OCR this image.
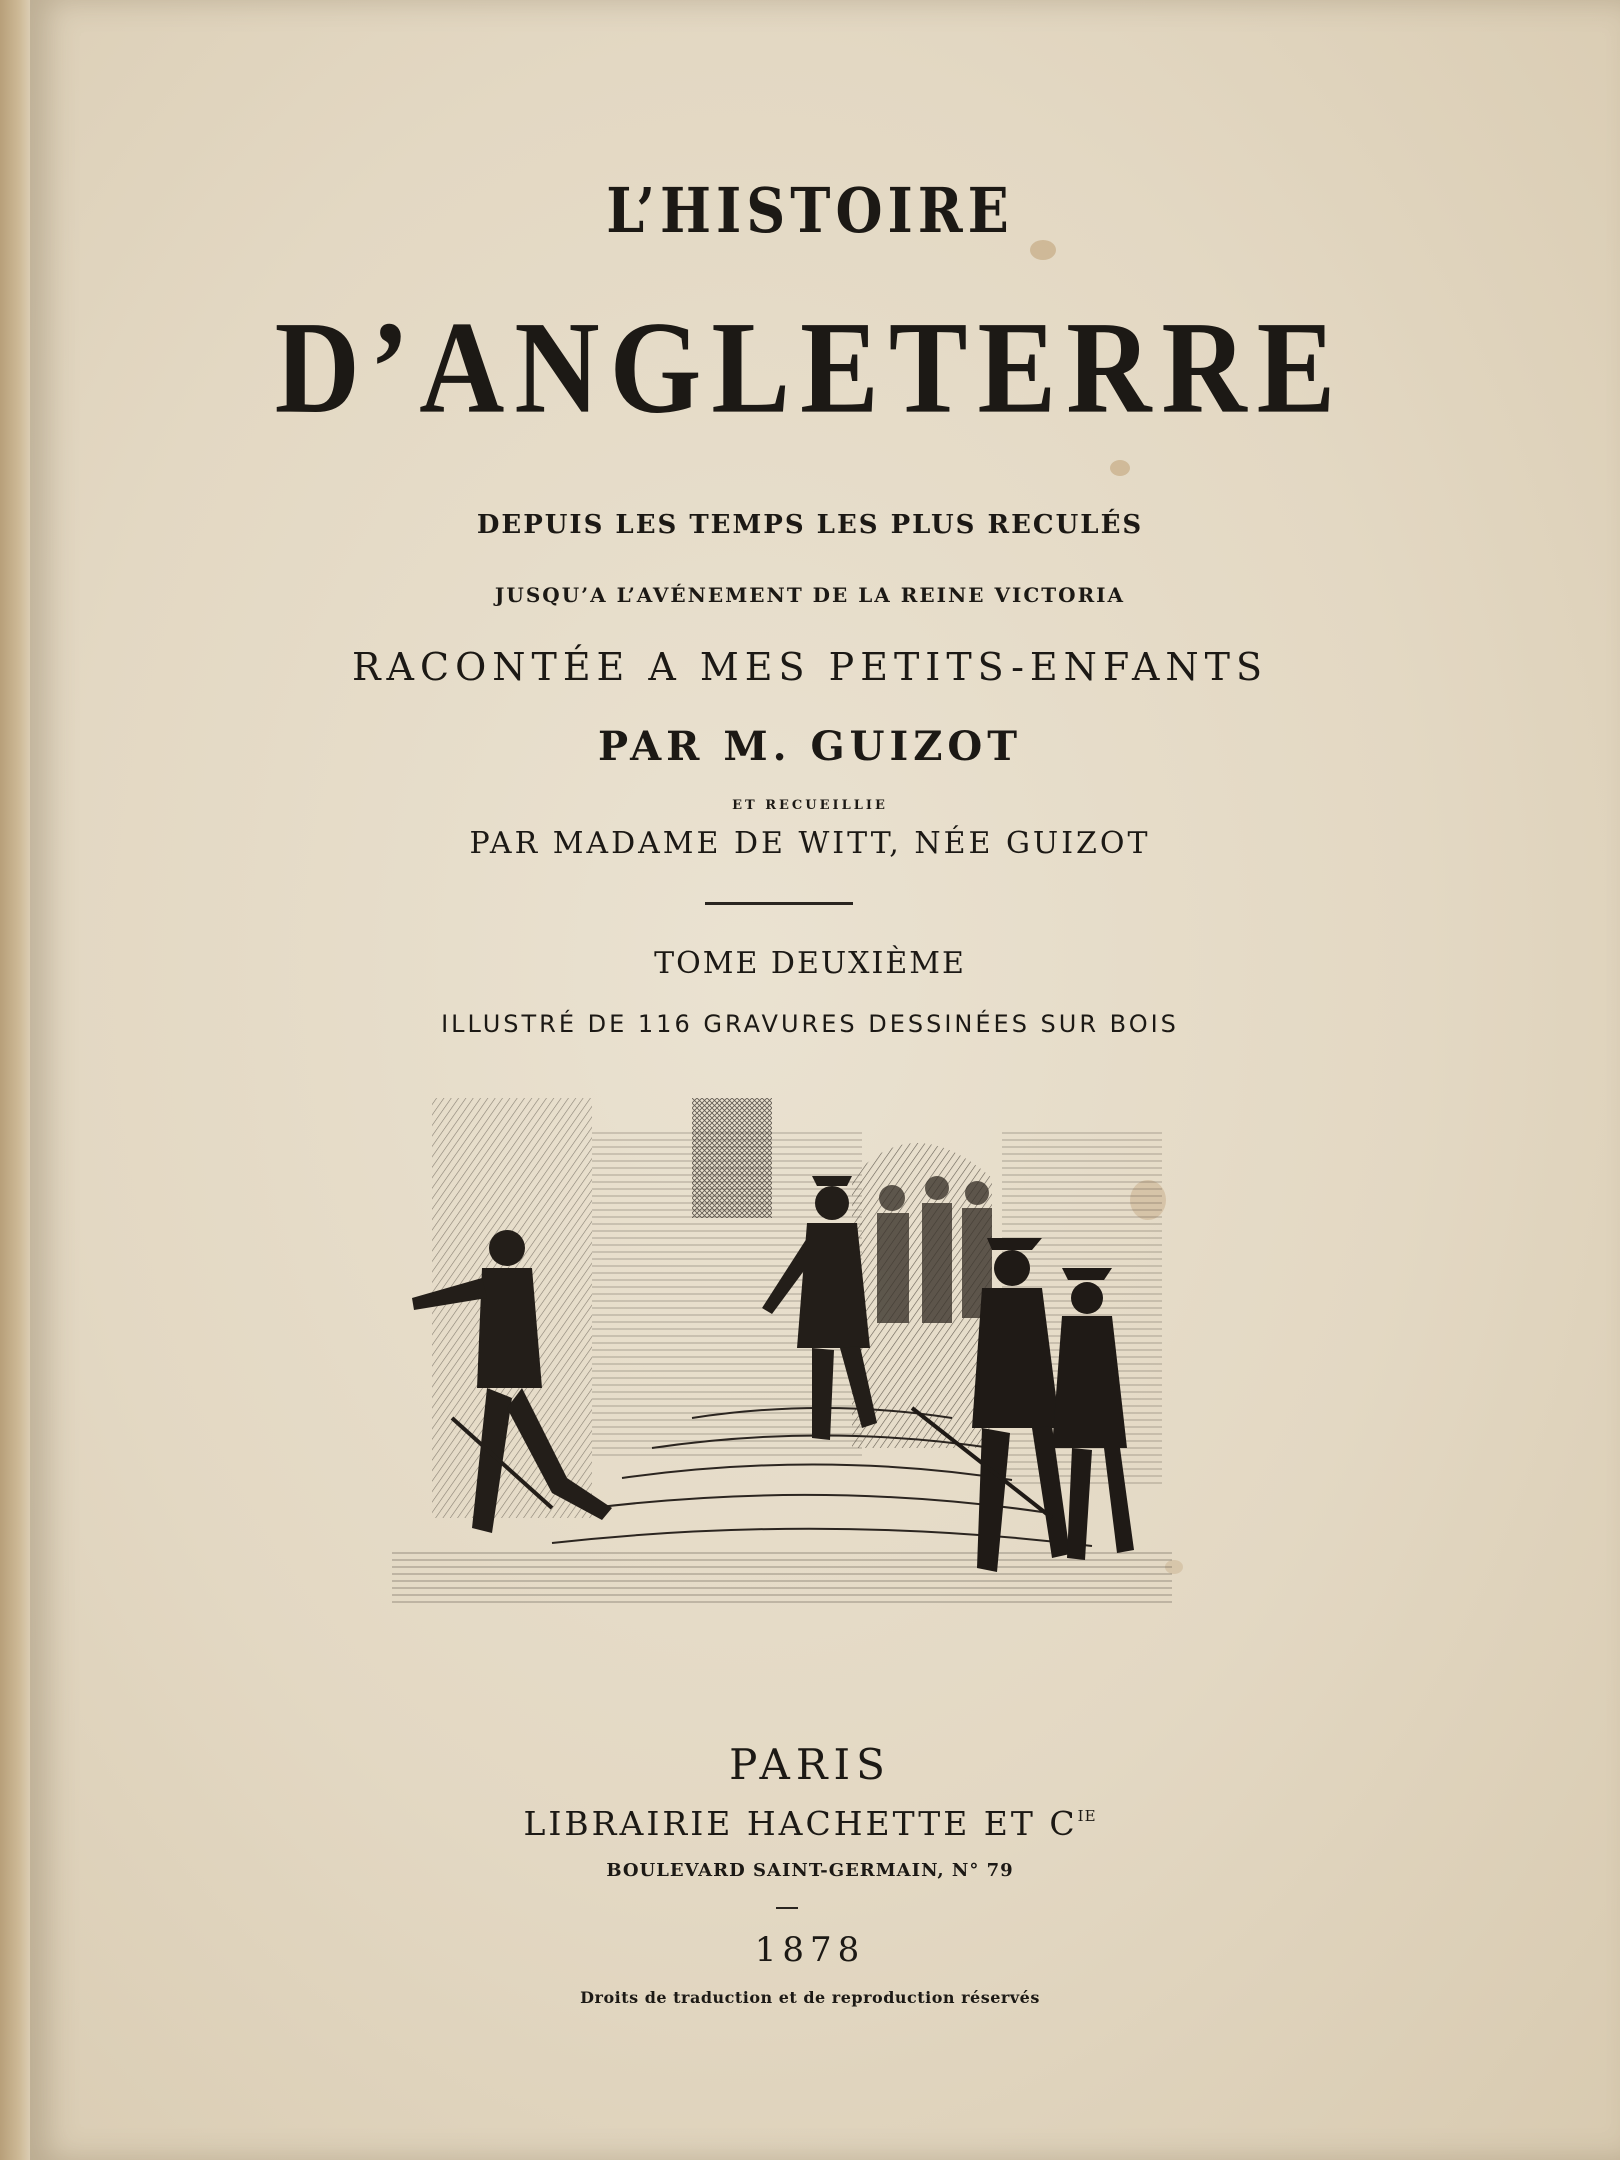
L’HISTOIRE

D’ANGLETERRE

DEPUIS LES TEMPS LES PLUS RECULÉS

JUSQU’A L’AVÉNEMENT DE LA REINE VICTORIA

RACONTÉE A MES PETITS-ENFANTS

PAR M. GUIZOT

ET RECUEILLIE

PAR MADAME DE WITT, NÉE GUIZOT

TOME DEUXIÈME

ILLUSTRÉ DE 116 GRAVURES DESSINÉES SUR BOIS

PARIS

LIBRAIRIE HACHETTE ET $C^{IE}$

BOULEVARD SAINT-GERMAIN, N° 79

1878

Droits de traduction et de reproduction réservés
